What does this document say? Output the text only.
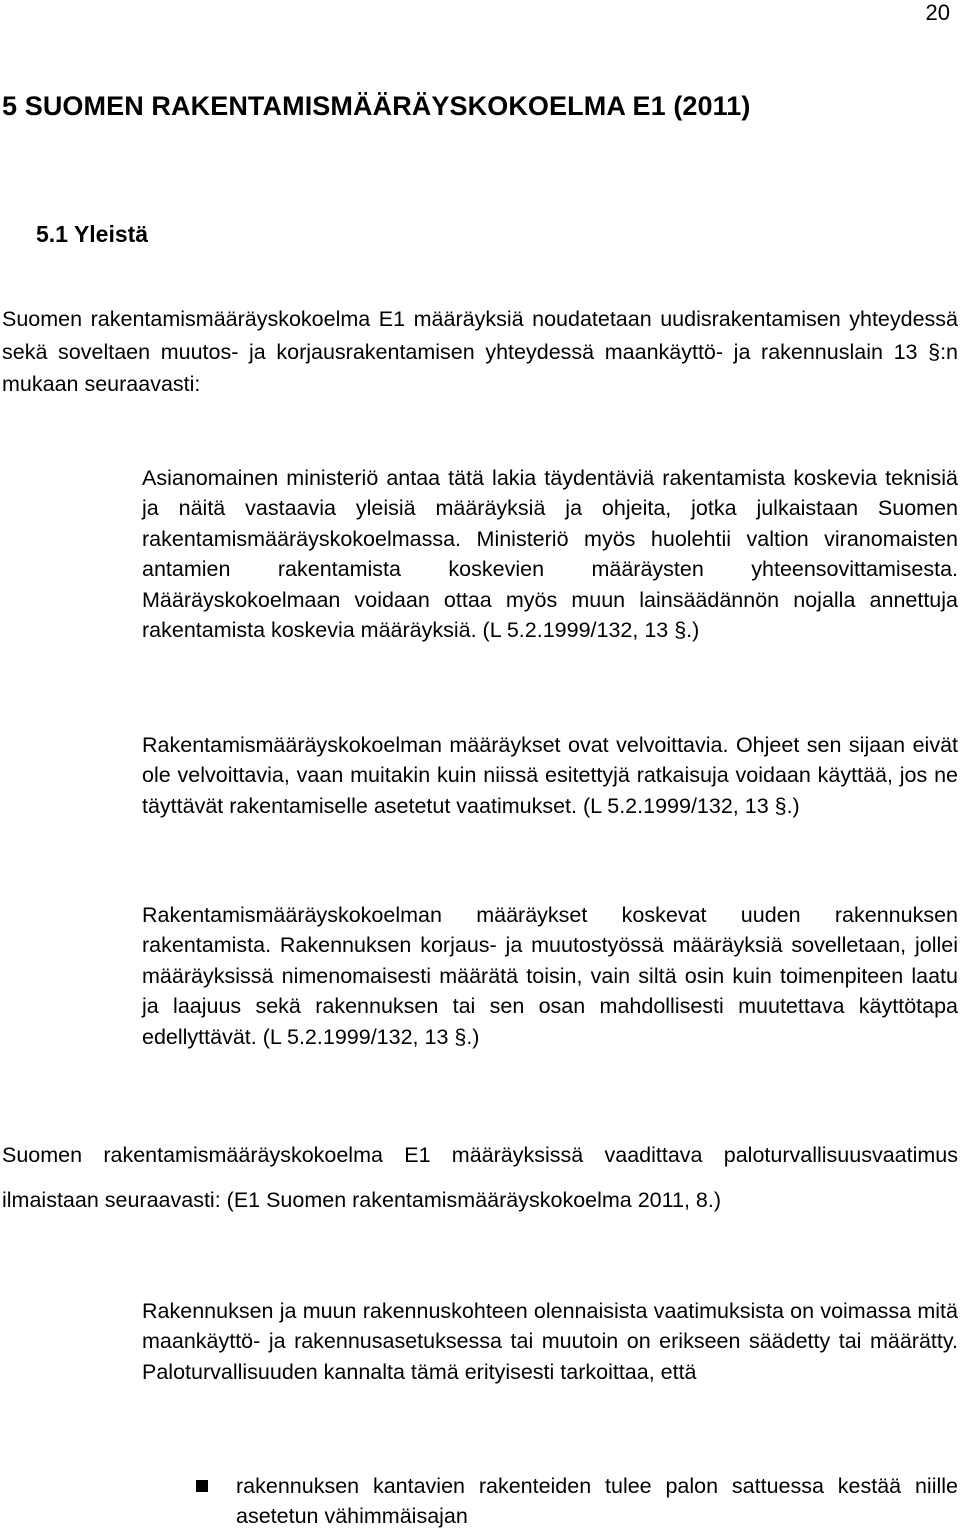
20
5 SUOMEN RAKENTAMISMÄÄRÄYSKOKOELMA E1 (2011)
5.1 Yleistä

Suomen rakentamismääräyskokoelma E1 määräyksiä noudatetaan uudisrakentamisen yhteydessä sekä soveltaen muutos- ja korjausrakentamisen yhteydessä maankäyttö- ja rakennuslain 13 §:n mukaan seuraavasti:

Asianomainen ministeriö antaa tätä lakia täydentäviä rakentamista koskevia teknisiä ja näitä vastaavia yleisiä määräyksiä ja ohjeita, jotka julkaistaan Suomen rakentamismääräyskokoelmassa. Ministeriö myös huolehtii valtion viranomaisten antamien rakentamista koskevien määräysten yhteensovittamisesta. Määräyskokoelmaan voidaan ottaa myös muun lainsäädännön nojalla annettuja rakentamista koskevia määräyksiä. (L 5.2.1999/132, 13 §.)

Rakentamismääräyskokoelman määräykset ovat velvoittavia. Ohjeet sen sijaan eivät ole velvoittavia, vaan muitakin kuin niissä esitettyjä ratkaisuja voidaan käyttää, jos ne täyttävät rakentamiselle asetetut vaatimukset. (L 5.2.1999/132, 13 §.)

Rakentamismääräyskokoelman määräykset koskevat uuden rakennuksen rakentamista. Rakennuksen korjaus- ja muutostyössä määräyksiä sovelletaan, jollei määräyksissä nimenomaisesti määrätä toisin, vain siltä osin kuin toimenpiteen laatu ja laajuus sekä rakennuksen tai sen osan mahdollisesti muutettava käyttötapa edellyttävät. (L 5.2.1999/132, 13 §.)

Suomen rakentamismääräyskokoelma E1 määräyksissä vaadittava paloturvallisuusvaatimus ilmaistaan seuraavasti: (E1 Suomen rakentamismääräyskokoelma 2011, 8.)

Rakennuksen ja muun rakennuskohteen olennaisista vaatimuksista on voimassa mitä maankäyttö- ja rakennusasetuksessa tai muutoin on erikseen säädetty tai määrätty. Paloturvallisuuden kannalta tämä erityisesti tarkoittaa, että

rakennuksen kantavien rakenteiden tulee palon sattuessa kestää niille asetetun vähimmäisajan
